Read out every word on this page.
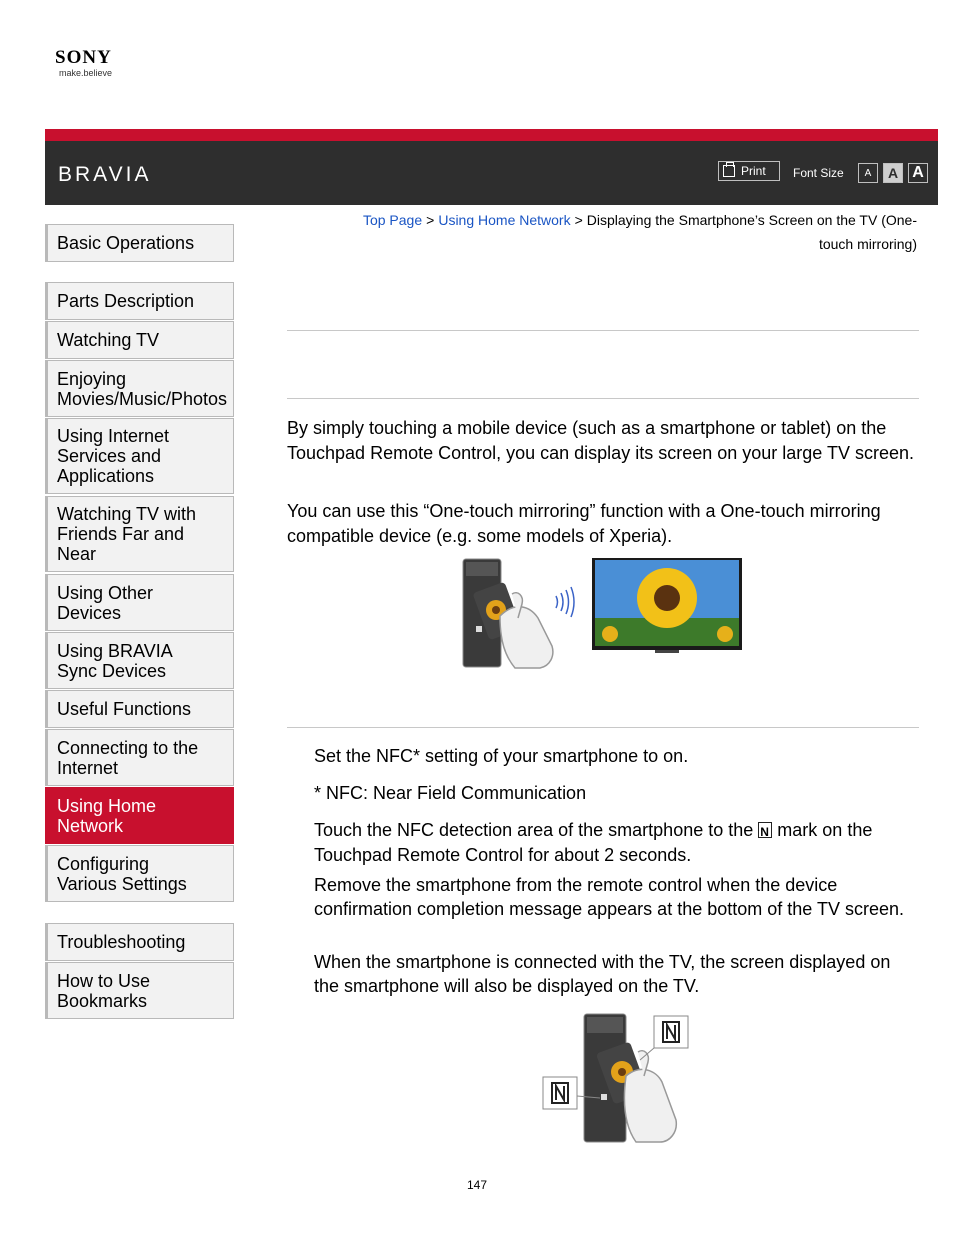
SONY
make.believe
BRAVIA	Print Font Size	A	A A
Top Page > Using Home Network > Displaying the Smartphone’s Screen on the TV (One-
touch mirroring)
Basic Operations
Parts Description
Watching TV
Enjoying
Movies/Music/Photos
Using Internet
Services and
Applications
Watching TV with
Friends Far and
Near
Using Other
Devices
Using BRAVIA
Sync Devices
Useful Functions
Connecting to the
Internet
Using Home
Network
Configuring
Various Settings
Troubleshooting
How to Use
Bookmarks
By simply touching a mobile device (such as a smartphone or tablet) on the Touchpad Remote Control, you can display its screen on your large TV screen.
You can use this “One-touch mirroring” function with a One-touch mirroring compatible device (e.g. some models of Xperia).
Set the NFC* setting of your smartphone to on.
* NFC: Near Field Communication
Touch the NFC detection area of the smartphone to the N mark on the Touchpad Remote Control for about 2 seconds.
Remove the smartphone from the remote control when the device confirmation completion message appears at the bottom of the TV screen.
When the smartphone is connected with the TV, the screen displayed on the smartphone will also be displayed on the TV.
147
